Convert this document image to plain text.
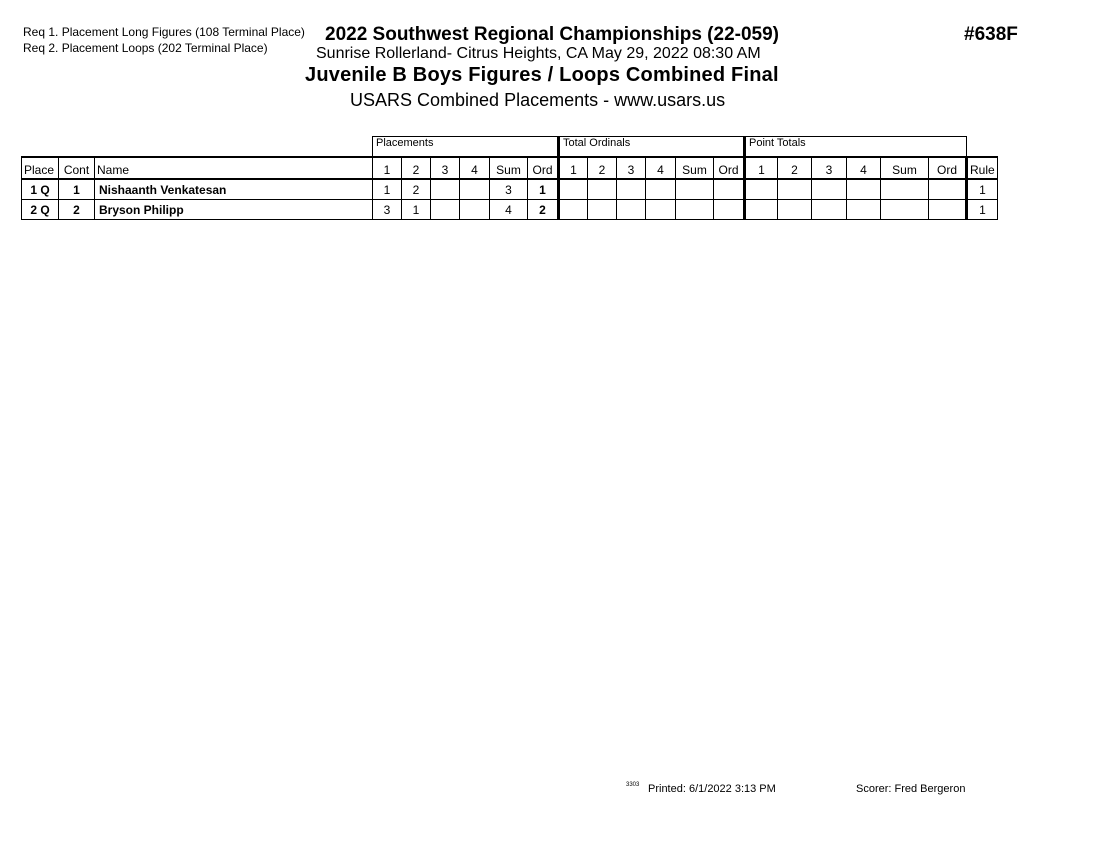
Req 1. Placement Long Figures (108 Terminal Place)
Req 2. Placement Loops (202 Terminal Place)
2022 Southwest Regional Championships (22-059)
Sunrise Rollerland- Citrus Heights, CA May 29, 2022 08:30 AM
Juvenile B Boys Figures / Loops Combined Final
USARS Combined Placements - www.usars.us
#638F
			Placements						Total Ordinals						Point Totals						
Place	Cont	Name	1	2	3	4	Sum	Ord	1	2	3	4	Sum	Ord	1	2	3	4	Sum	Ord	Rule
1 Q	1	Nishaanth Venkatesan	1	2			3	1													1
2 Q	2	Bryson Philipp	3	1			4	2													1
3303 Printed: 6/1/2022 3:13 PM	Scorer: Fred Bergeron
